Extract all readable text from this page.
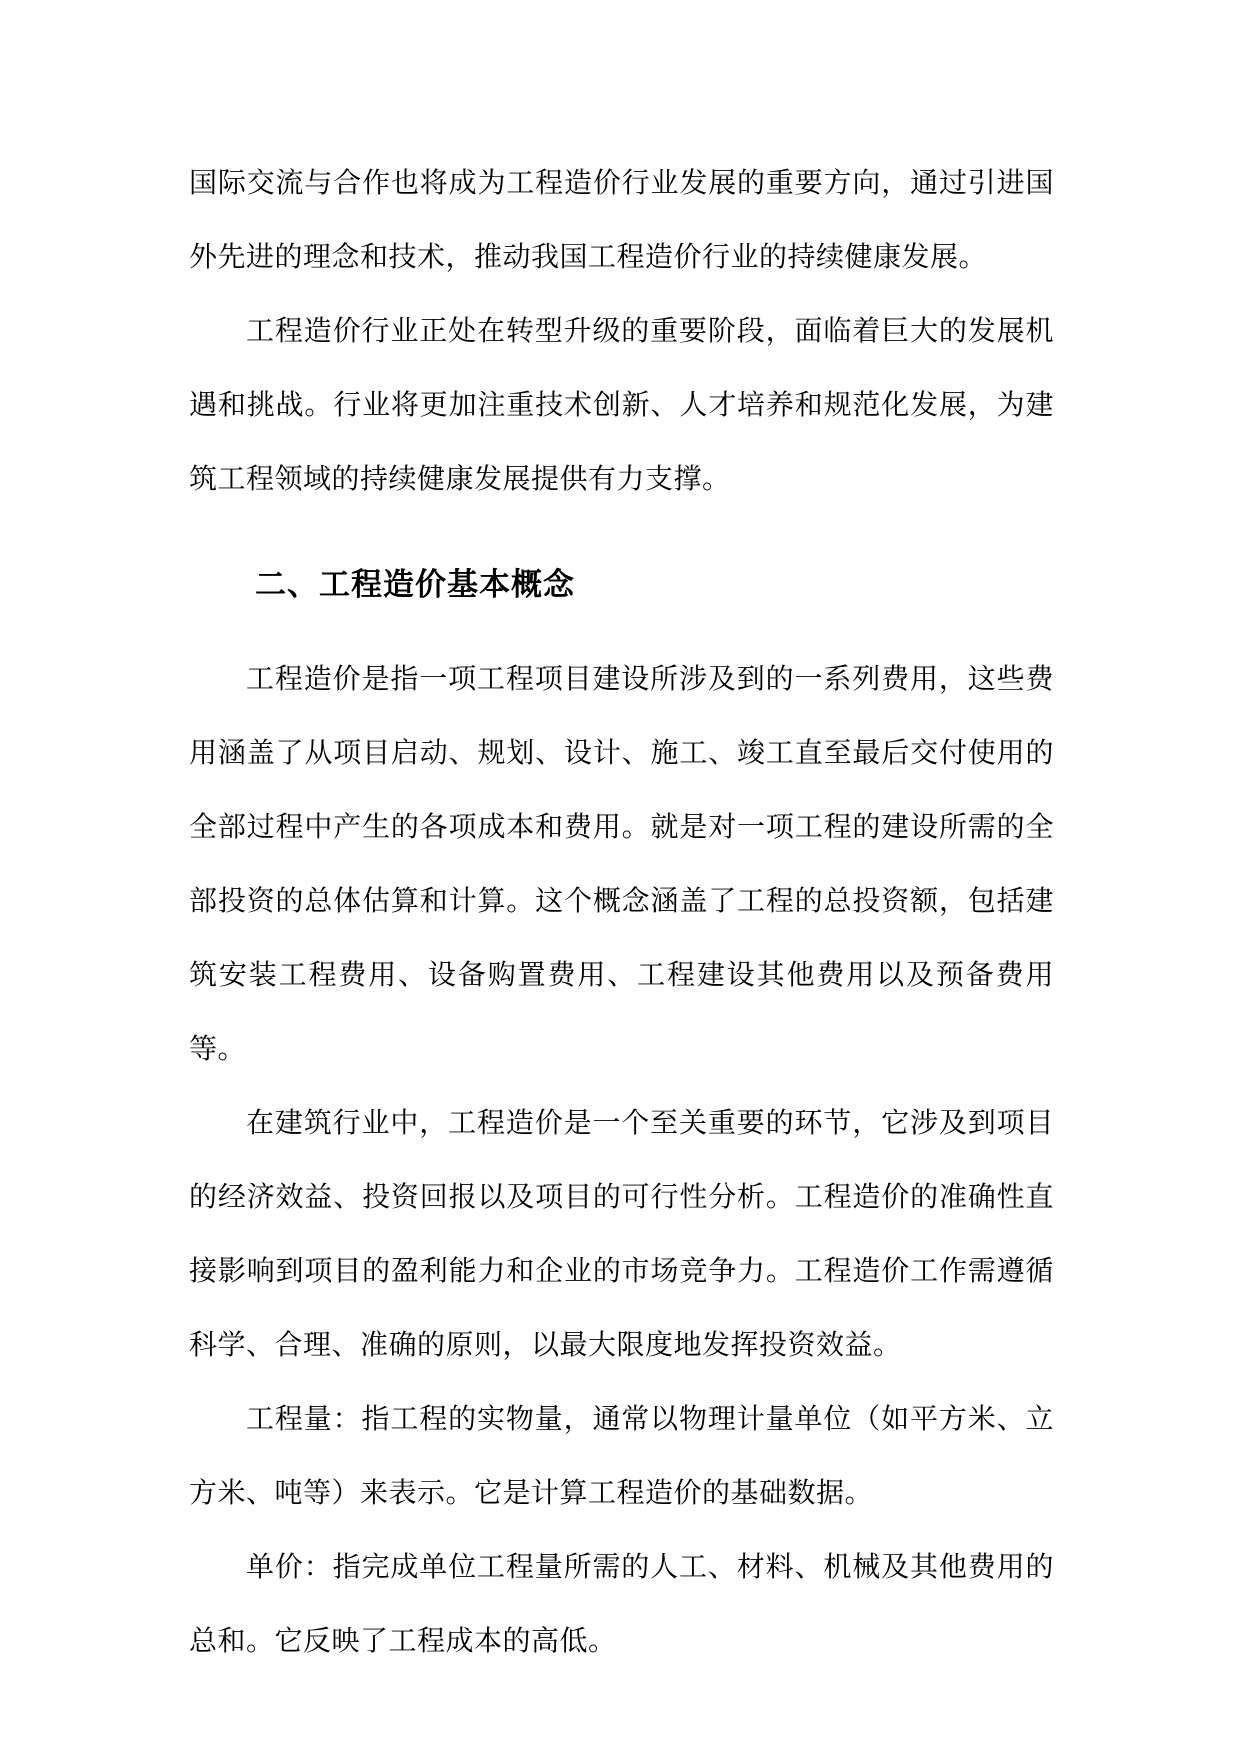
国际交流与合作也将成为工程造价行业发展的重要方向，通过引进国外先进的理念和技术，推动我国工程造价行业的持续健康发展。

工程造价行业正处在转型升级的重要阶段，面临着巨大的发展机遇和挑战。行业将更加注重技术创新、人才培养和规范化发展，为建筑工程领域的持续健康发展提供有力支撑。

二、工程造价基本概念

工程造价是指一项工程项目建设所涉及到的一系列费用，这些费用涵盖了从项目启动、规划、设计、施工、竣工直至最后交付使用的全部过程中产生的各项成本和费用。就是对一项工程的建设所需的全部投资的总体估算和计算。这个概念涵盖了工程的总投资额，包括建筑安装工程费用、设备购置费用、工程建设其他费用以及预备费用等。

在建筑行业中，工程造价是一个至关重要的环节，它涉及到项目的经济效益、投资回报以及项目的可行性分析。工程造价的准确性直接影响到项目的盈利能力和企业的市场竞争力。工程造价工作需遵循科学、合理、准确的原则，以最大限度地发挥投资效益。

工程量：指工程的实物量，通常以物理计量单位（如平方米、立方米、吨等）来表示。它是计算工程造价的基础数据。

单价：指完成单位工程量所需的人工、材料、机械及其他费用的总和。它反映了工程成本的高低。
